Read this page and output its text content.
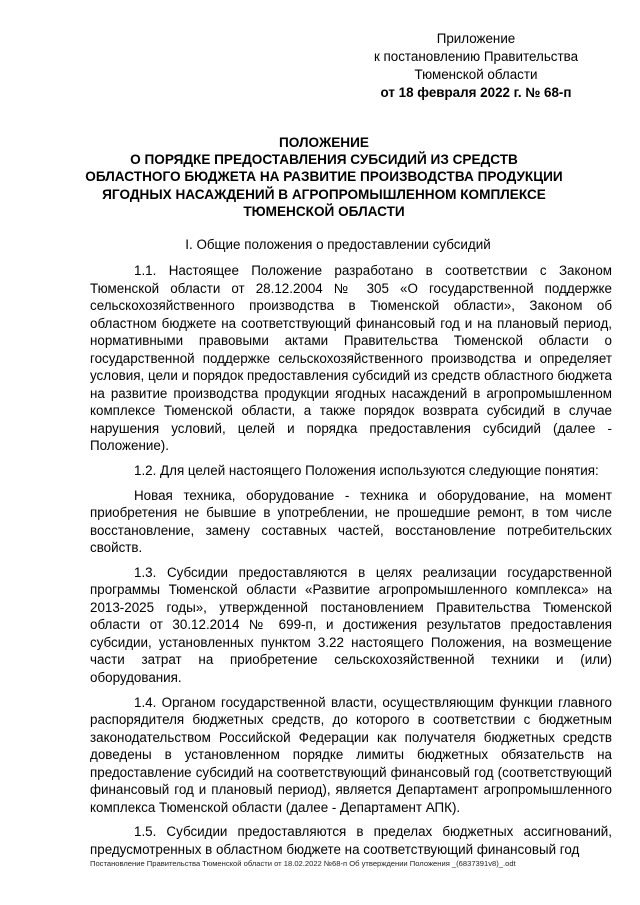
Приложение
к постановлению Правительства
Тюменской области
от 18 февраля 2022 г. № 68-п
ПОЛОЖЕНИЕ
О ПОРЯДКЕ ПРЕДОСТАВЛЕНИЯ СУБСИДИЙ ИЗ СРЕДСТВ
ОБЛАСТНОГО БЮДЖЕТА НА РАЗВИТИЕ ПРОИЗВОДСТВА ПРОДУКЦИИ
ЯГОДНЫХ НАСАЖДЕНИЙ В АГРОПРОМЫШЛЕННОМ КОМПЛЕКСЕ
ТЮМЕНСКОЙ ОБЛАСТИ
I. Общие положения о предоставлении субсидий

1.1. Настоящее Положение разработано в соответствии с Законом Тюменской области от 28.12.2004 № 305 «О государственной поддержке сельскохозяйственного производства в Тюменской области», Законом об областном бюджете на соответствующий финансовый год и на плановый период, нормативными правовыми актами Правительства Тюменской области о государственной поддержке сельскохозяйственного производства и определяет условия, цели и порядок предоставления субсидий из средств областного бюджета на развитие производства продукции ягодных насаждений в агропромышленном комплексе Тюменской области, а также порядок возврата субсидий в случае нарушения условий, целей и порядка предоставления субсидий (далее - Положение).

1.2. Для целей настоящего Положения используются следующие понятия:

Новая техника, оборудование - техника и оборудование, на момент приобретения не бывшие в употреблении, не прошедшие ремонт, в том числе восстановление, замену составных частей, восстановление потребительских свойств.

1.3. Субсидии предоставляются в целях реализации государственной программы Тюменской области «Развитие агропромышленного комплекса» на 2013-2025 годы», утвержденной постановлением Правительства Тюменской области от 30.12.2014 № 699-п, и достижения результатов предоставления субсидии, установленных пунктом 3.22 настоящего Положения, на возмещение части затрат на приобретение сельскохозяйственной техники и (или) оборудования.

1.4. Органом государственной власти, осуществляющим функции главного распорядителя бюджетных средств, до которого в соответствии с бюджетным законодательством Российской Федерации как получателя бюджетных средств доведены в установленном порядке лимиты бюджетных обязательств на предоставление субсидий на соответствующий финансовый год (соответствующий финансовый год и плановый период), является Департамент агропромышленного комплекса Тюменской области (далее - Департамент АПК).

1.5. Субсидии предоставляются в пределах бюджетных ассигнований, предусмотренных в областном бюджете на соответствующий финансовый год

Постановление Правительства Тюменской области от 18.02.2022 №68-п Об утверждении Положения _(6837391v8)_.odt
